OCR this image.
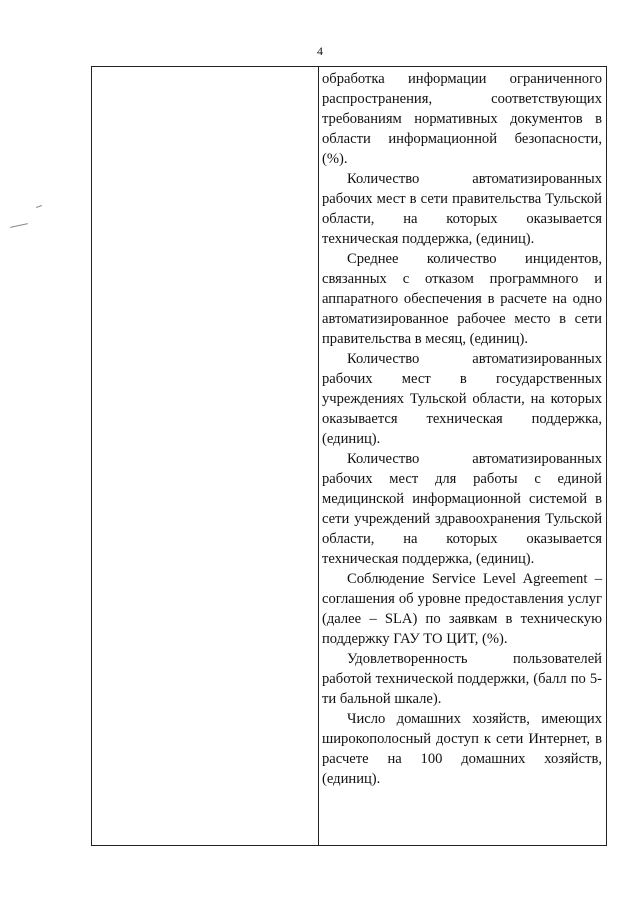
4

обработка информации ограниченного распространения, соответствующих требованиям нормативных документов в области информационной безопасности, (%).

Количество автоматизированных рабочих мест в сети правительства Тульской области, на которых оказывается техническая поддержка, (единиц).

Среднее количество инцидентов, связанных с отказом программного и аппаратного обеспечения в расчете на одно автоматизированное рабочее место в сети правительства в месяц, (единиц).

Количество автоматизированных рабочих мест в государственных учреждениях Тульской области, на которых оказывается техническая поддержка, (единиц).

Количество автоматизированных рабочих мест для работы с единой медицинской информационной системой в сети учреждений здравоохранения Тульской области, на которых оказывается техническая поддержка, (единиц).

Соблюдение Service Level Agreement – соглашения об уровне предоставления услуг (далее – SLA) по заявкам в техническую поддержку ГАУ ТО ЦИТ, (%).

Удовлетворенность пользователей работой технической поддержки, (балл по 5-ти бальной шкале).

Число домашних хозяйств, имеющих широкополосный доступ к сети Интернет, в расчете на 100 домашних хозяйств, (единиц).
